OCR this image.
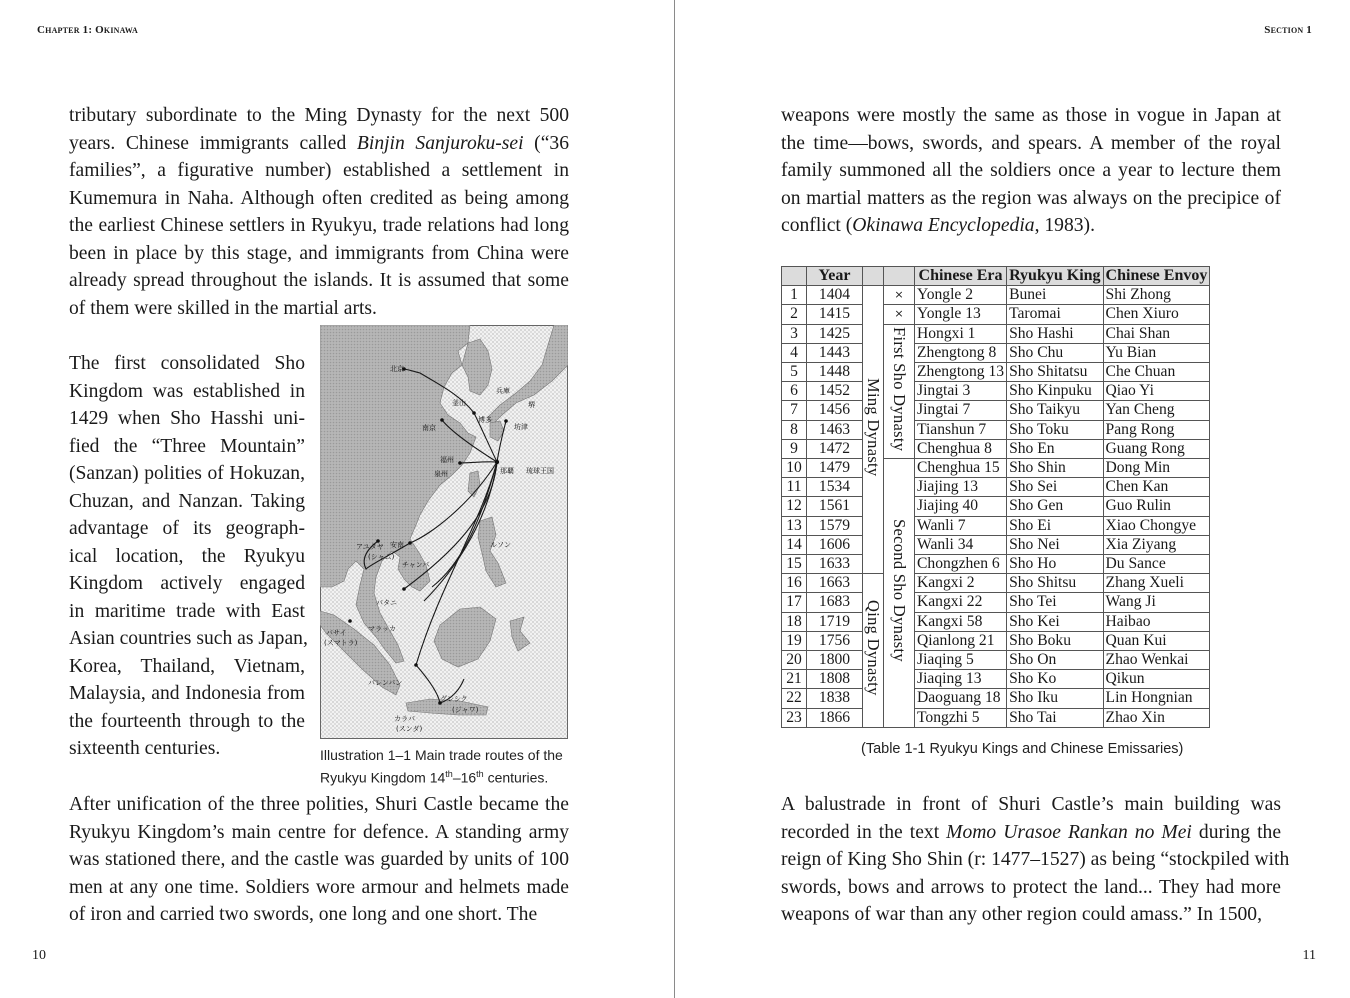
Chapter 1: Okinawa

tributary subordinate to the Ming Dynasty for the next 500
years. Chinese immigrants called Binjin Sanjuroku-sei (“36
families”, a figurative number) established a settlement in
Kumemura in Naha. Although often credited as being among
the earliest Chinese settlers in Ryukyu, trade relations had long
been in place by this stage, and immigrants from China were
already spread throughout the islands. It is assumed that some
of them were skilled in the martial arts.

The first consolidated Sho
Kingdom was established in
1429 when Sho Hasshi uni-
fied the “Three Mountain”
(Sanzan) polities of Hokuzan,
Chuzan, and Nanzan. Taking
advantage of its geograph-
ical location, the Ryukyu
Kingdom actively engaged
in maritime trade with East
Asian countries such as Japan,
Korea, Thailand, Vietnam,
Malaysia, and Indonesia from
the fourteenth through to the
sixteenth centuries.

北京
釜山
兵庫
堺
南京
博多
坊津
福州
泉州	那覇 琉球王国
ルソン
アユタヤ 安南
(シャム)
チャンパ
パタニ
パサイ
(スマトラ)
マラッカ
パレンバン
グレシク
(ジャワ)
カラパ
(スンダ)
Illustration 1–1 Main trade routes of the
Ryukyu Kingdom 14th–16th centuries.

After unification of the three polities, Shuri Castle became the
Ryukyu Kingdom’s main centre for defence. A standing army
was stationed there, and the castle was guarded by units of 100
men at any one time. Soldiers wore armour and helmets made
of iron and carried two swords, one long and one short. The

10
Section 1

weapons were mostly the same as those in vogue in Japan at
the time—bows, swords, and spears. A member of the royal
family summoned all the soldiers once a year to lecture them
on martial matters as the region was always on the precipice of
conflict (Okinawa Encyclopedia, 1983).

A balustrade in front of Shuri Castle’s main building was
recorded in the text Momo Urasoe Rankan no Mei during the
reign of King Sho Shin (r: 1477–1527) as being “stockpiled with
swords, bows and arrows to protect the land... They had more
weapons of war than any other region could amass.” In 1500,

11
	Year			Chinese Era	Ryukyu King	Chinese Envoy
1	1404	Ming Dynasty	×	Yongle 2	Bunei	Shi Zhong
2	1415		×	Yongle 13	Taromai	Chen Xiuro
3	1425		First Sho Dynasty	Hongxi 1	Sho Hashi	Chai Shan
4	1443			Zhengtong 8	Sho Chu	Yu Bian
5	1448			Zhengtong 13	Sho Shitatsu	Che Chuan
6	1452			Jingtai 3	Sho Kinpuku	Qiao Yi
7	1456			Jingtai 7	Sho Taikyu	Yan Cheng
8	1463			Tianshun 7	Sho Toku	Pang Rong
9	1472			Chenghua 8	Sho En	Guang Rong
10	1479		Second Sho Dynasty	Chenghua 15	Sho Shin	Dong Min
11	1534			Jiajing 13	Sho Sei	Chen Kan
12	1561			Jiajing 40	Sho Gen	Guo Rulin
13	1579			Wanli 7	Sho Ei	Xiao Chongye
14	1606			Wanli 34	Sho Nei	Xia Ziyang
15	1633			Chongzhen 6	Sho Ho	Du Sance
16	1663	Qing Dynasty		Kangxi 2	Sho Shitsu	Zhang Xueli
17	1683			Kangxi 22	Sho Tei	Wang Ji
18	1719			Kangxi 58	Sho Kei	Haibao
19	1756			Qianlong 21	Sho Boku	Quan Kui
20	1800			Jiaqing 5	Sho On	Zhao Wenkai
21	1808			Jiaqing 13	Sho Ko	Qikun
22	1838			Daoguang 18	Sho Iku	Lin Hongnian
23	1866			Tongzhi 5	Sho Tai	Zhao Xin
(Table 1-1 Ryukyu Kings and Chinese Emissaries)
